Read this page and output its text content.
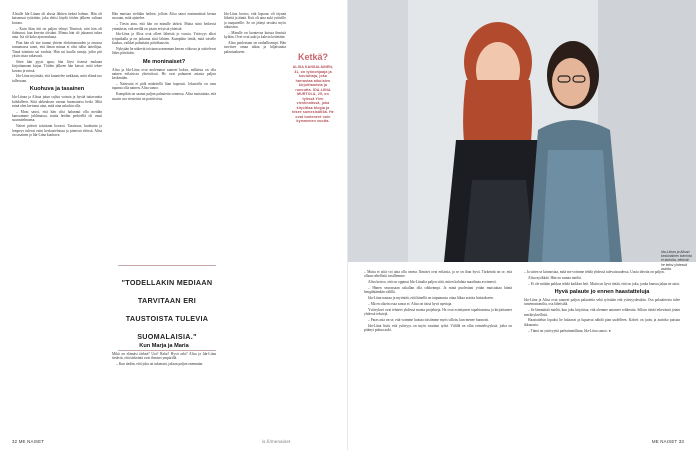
Alisalle Ida-Liinan oli alusta lähtien tärkeä hahmo. Hän oli katsannut tytärtään, joka ehtisi käydä töiden jälkeen valtaan kotona.

– Kuin Idan äiti on paljon tehnyt Tiimissä, niin hän oli ilahtunut, kun kerroin töistäni. Minua hän oli jaksanut tukea aina. Isä oli koko ajan mukana.

Pian hän oli itse tuonut yhteen ehdottomuuden ja omassa tuntumassa sanoi, että ilman minua ei olisi tullut taiteilijaa. Tämä toiminta sai vauhtia. Hän sai kuulla sanoja, jotka piti yksin ottaa vakavasti.

Siten hän pyysi apua, hän löysi itsensä mukaan kirjoittamaan kirjaa. Töiden jälkeen hän katsoi, mitä tekee kotona ja missä.

Ida-Liina myöntää, että kuuntelee tarkkaan, mitä elämä tuo tullessaan.

Kuohuva ja tasainen

Ida-Liinaa ja Alisaa jutun sojluu voimia ja hyvää tuttavuutta kohdalleen. Siitä uhkeuksen varaan huomattava hetki. Mitä minä olen kertonut aina, mitä aina uskalsin olla.

– Moni sanoi, että hän olisi halunnut olla meidän kanssamme juhlimassa, mutta heidän perheellä oli omat suunnitelmansa.

Naiset pitävät toisistaan kovasti. Tasaisuus, kuohunta ja lempeys tulevat esiin keskusteluissa ja pienissä eleissä. Alisa on tasainen ja Ida-Liina kuohuva.

Hän muistaa vieläkin hetken, jolloin Alisa sanoi ensimmäistä kertaa suoraan, mitä ajattelee.

– Tiesin aina, että hän on minulle tärkeä. Mutta siinä hetkessä ymmärsin, että meillä on jotain erityistä yhteistä.

Ida-Liina ja Alisa ovat olleet läheisiä jo vuosia. Ystävyys alkoi työpaikalla ja on jatkunut siitä lähtien. Kumpikin tietää, mitä toiselle kuuluu, vaikkei puhuttaisi päiväkausiin.

Nykyään he näkevät toisiaan useamman kerran viikossa ja soittelevat lähes päivittäin.

Me moninaiset?

Alisa ja Ida-Liina ovat molemmat saaneet kokea, millaista on olla nainen erilaisissa yhteisöissä. He ovat puhuneet asiasta paljon keskenään.

– Naiseutta ei pidä määritellä liian kapeasti. Jokaisella on oma tapansa olla nainen, Alisa sanoo.

Kumpikin on saanut paljon palautetta somessa. Alisa muistuttaa, että suurin osa viesteistä on positiivisia.

"TODELLAKIN MEDIAAN TARVITAAN ERI TAUSTOISTA TULEVIA SUOMALAISIA."
Kun Marja ja Maria

Mikä on elämäsi tärkeä? Ura? Raha? Hyvä arki? Alisa ja Ida-Liina tietävät, että tärkeintä ovat ihmiset ympärillä.

– Kun tiedän, että joku on tukenani, jaksan paljon enemmän.

Ida-Liina kertoo, että lapsuus oli täynnä liikettä ja ääntä. Koti oli aina auki ystäville ja naapureille. Se on jäänyt tavaksi myös aikuisena.

– Minulle on luontevaa kutsua ihmisiä kylään. Ovet ovat auki ja kahvia keitetään.

Alisa puolestaan on rauhallisempi. Hän tarvitsee omaa aikaa ja hiljaisuutta palautuakseen.

Ketkä?
ALISA KANSALAINEN, 31, on työnohjaaja ja kouluttaja, joka harrastaa aikuisten kirjoittamista ja runoutta. IDA-LIINA MURTOLA, 29, on työssä Ylen viestinnässä, joka kirjoittaa blogia ja tekee somesisältöä. He ovat tunteneet noin kymmenen vuotta.
32 ME NAISET	is.fi/menaiset
Ida-Liinan ja Alisan keskinäinen toiminta ei tarkoita, etteivät he tekisi yhdessä asioita.

– Mutta ei siitä voi aina olla varma. Ihmiset ovat erilaisia, ja se on ihan hyvä. Tärkeintä on se, että ollaan rehellisiä toisillemme.

Alisa kertoo, että on oppinut Ida-Liinalta paljon siitä, miten kohdata maailmaa avoimesti.

– Hänen seurassaan uskallan olla rohkeampi. Ja minä puolestani yritän muistuttaa häntä hengähtämään välillä.

Ida-Liina nauraa ja myöntää, että hänellä on taipumusta ottaa liikaa asioita hoitaakseen.

– Mä en oikein osaa sanoa ei. Alisa on tässä hyvä opettaja.

Ystävykset ovat tehneet yhdessä monia projekteja. He ovat esiintyneet tapahtumissa ja kirjoittaneet yhdessä tekstejä.

– Paras asia on se, että voimme luottaa toisiimme myös silloin, kun menee huonosti.

Ida-Liina lisää, että ystävyys on myös vaatinut työtä. Välillä on ollut erimielisyyksiä, jotka on pitänyt puhua auki.

– Ja sitten se kiinnostaa, mitä me voimme tehdä yhdessä tulevaisuudessa. Uusia ideoita on paljon.

Alisa nyökkää. Hän on samaa mieltä.

– Ei ole mitään pakkoa tehdä kaikkea heti. Mutta on hyvä tietää, että on joku, jonka kanssa jakaa ne asiat.

Hyvä palaute jo ennen haastatteluja

Ida-Liina ja Alisa ovat saaneet paljon palautetta sekä työstään että ystävyydestään. Osa palautteesta tulee tuntemattomilta, osa läheisiltä.

– Se lämmittää mieltä, kun joku kirjoittaa, että olemme antaneet rohkeutta. Silloin tietää tekevänsä jotain merkityksellistä.

Haastattelun lopuksi he halaavat ja lupaavat nähdä pian uudelleen. Kahvit on juotu ja aurinko paistaa ikkunasta.

– Tämä on ystävyyttä parhaimmillaan, Ida-Liina sanoo. ●

ME NAISET 33
